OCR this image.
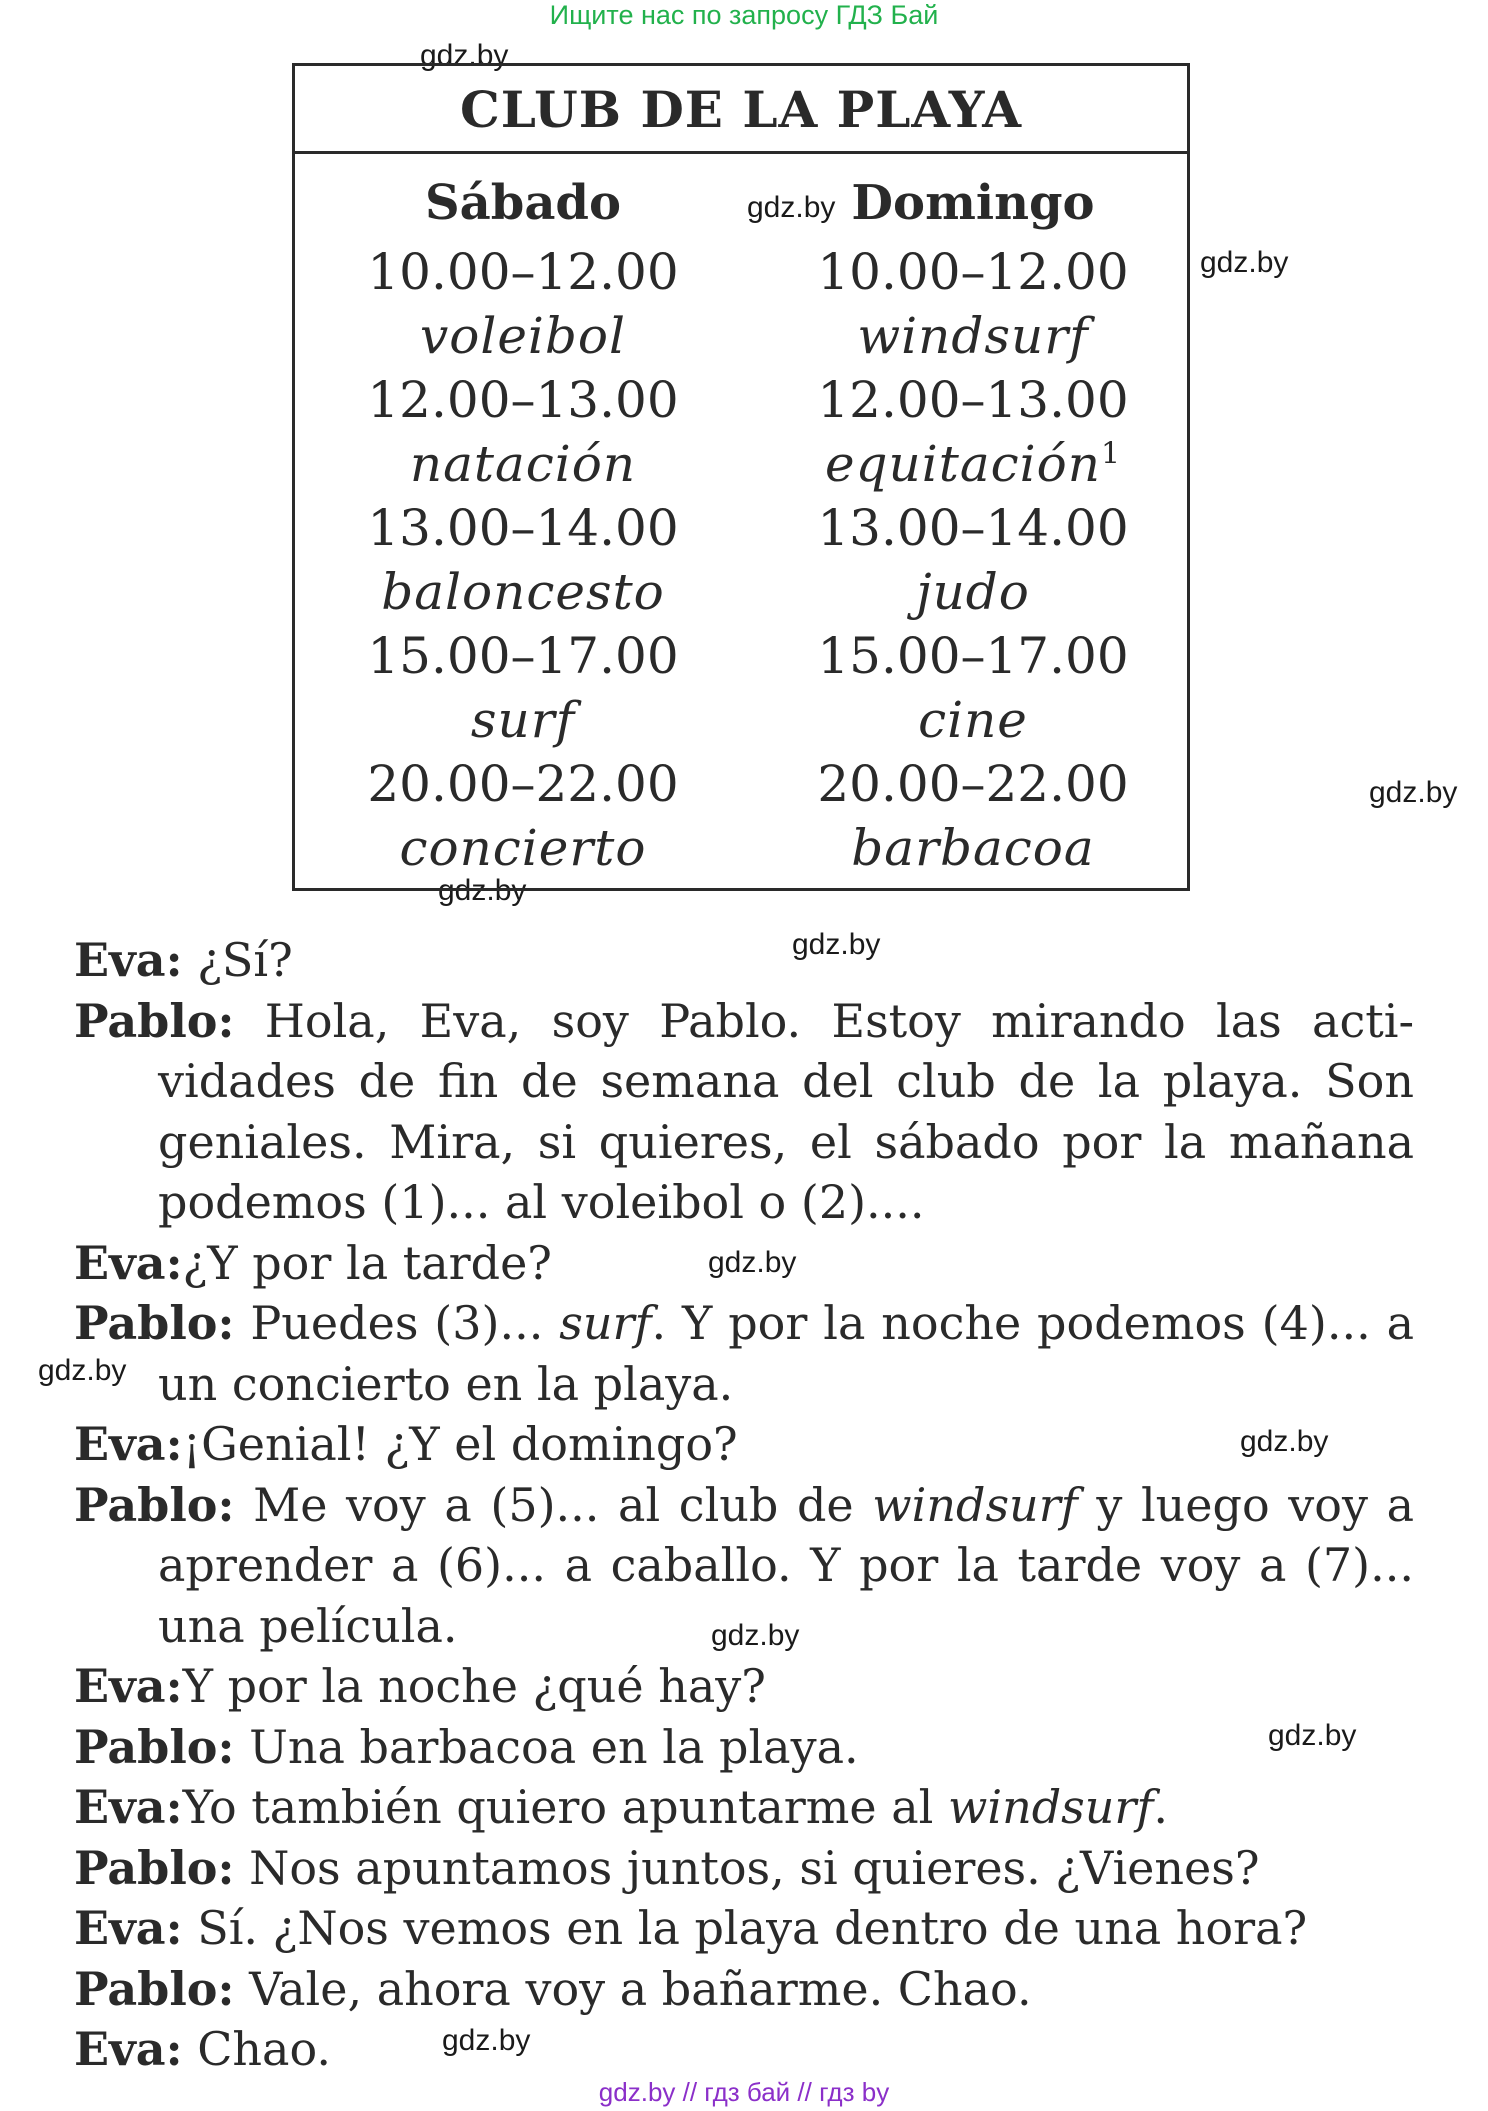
Ищите нас по запросу ГДЗ Бай
gdz.by
gdz.by
gdz.by
gdz.by
gdz.by
gdz.by
gdz.by
gdz.by
gdz.by
gdz.by
gdz.by
gdz.by
CLUB DE LA PLAYA
Sábado
10.00–12.00
voleibol
12.00–13.00
natación
13.00–14.00
baloncesto
15.00–17.00
surf
20.00–22.00
concierto
Domingo
10.00–12.00
windsurf
12.00–13.00
equitación$^1$
13.00–14.00
judo
15.00–17.00
cine
20.00–22.00
barbacoa
Eva: ¿Sí?
Pablo: Hola, Eva, soy Pablo. Estoy mirando las actividades de fin de semana del club de la playa. Son geniales. Mira, si quieres, el sábado por la mañana podemos (1)... al voleibol o (2)....
Eva:¿Y por la tarde?
Pablo: Puedes (3)... surf. Y por la noche podemos (4)... a un concierto en la playa.
Eva:¡Genial! ¿Y el domingo?
Pablo: Me voy a (5)... al club de windsurf y luego voy a aprender a (6)... a caballo. Y por la tarde voy a (7)... una película.
Eva:Y por la noche ¿qué hay?
Pablo: Una barbacoa en la playa.
Eva:Yo también quiero apuntarme al windsurf.
Pablo: Nos apuntamos juntos, si quieres. ¿Vienes?
Eva: Sí. ¿Nos vemos en la playa dentro de una hora?
Pablo: Vale, ahora voy a bañarme. Chao.
Eva: Chao.
gdz.by // гдз бай // гдз by
